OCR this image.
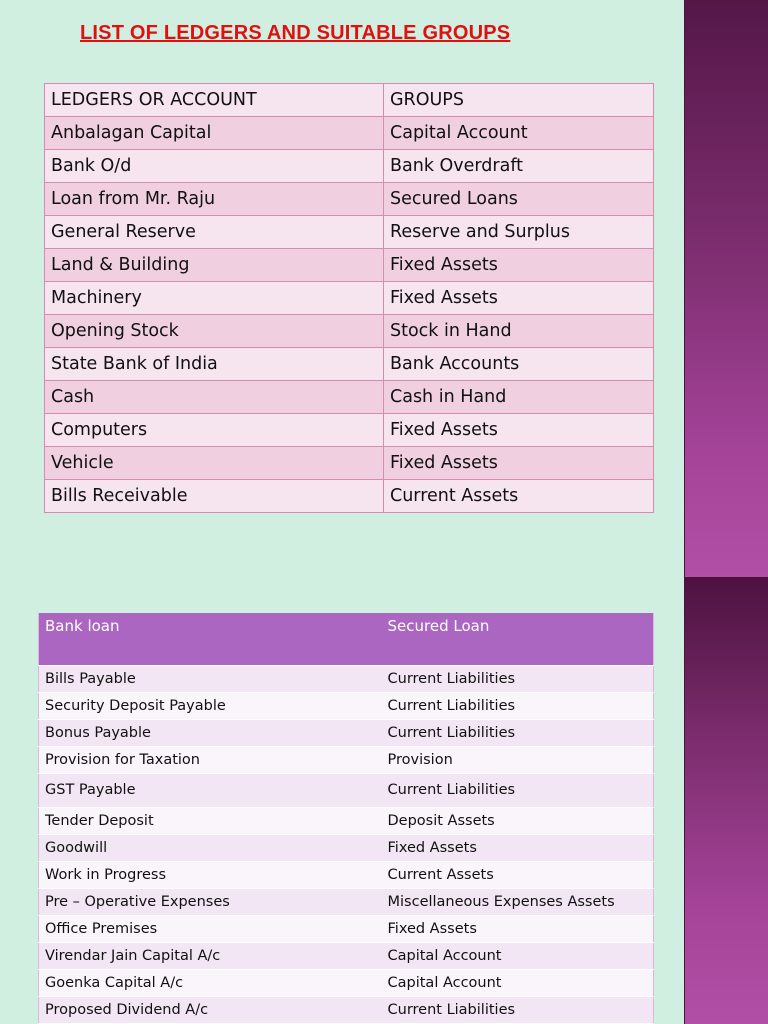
LIST OF LEDGERS AND SUITABLE GROUPS
LEDGERS OR ACCOUNT	GROUPS
Anbalagan Capital	Capital Account
Bank O/d	Bank Overdraft
Loan from Mr. Raju	Secured Loans
General Reserve	Reserve and Surplus
Land & Building	Fixed Assets
Machinery	Fixed Assets
Opening Stock	Stock in Hand
State Bank of India	Bank Accounts
Cash	Cash in Hand
Computers	Fixed Assets
Vehicle	Fixed Assets
Bills Receivable	Current Assets
Bank loan	Secured Loan
Bills Payable	Current Liabilities
Security Deposit Payable	Current Liabilities
Bonus Payable	Current Liabilities
Provision for Taxation	Provision
GST Payable	Current Liabilities
Tender Deposit	Deposit Assets
Goodwill	Fixed Assets
Work in Progress	Current Assets
Pre – Operative Expenses	Miscellaneous Expenses Assets
Office Premises	Fixed Assets
Virendar Jain Capital A/c	Capital Account
Goenka Capital A/c	Capital Account
Proposed Dividend A/c	Current Liabilities
